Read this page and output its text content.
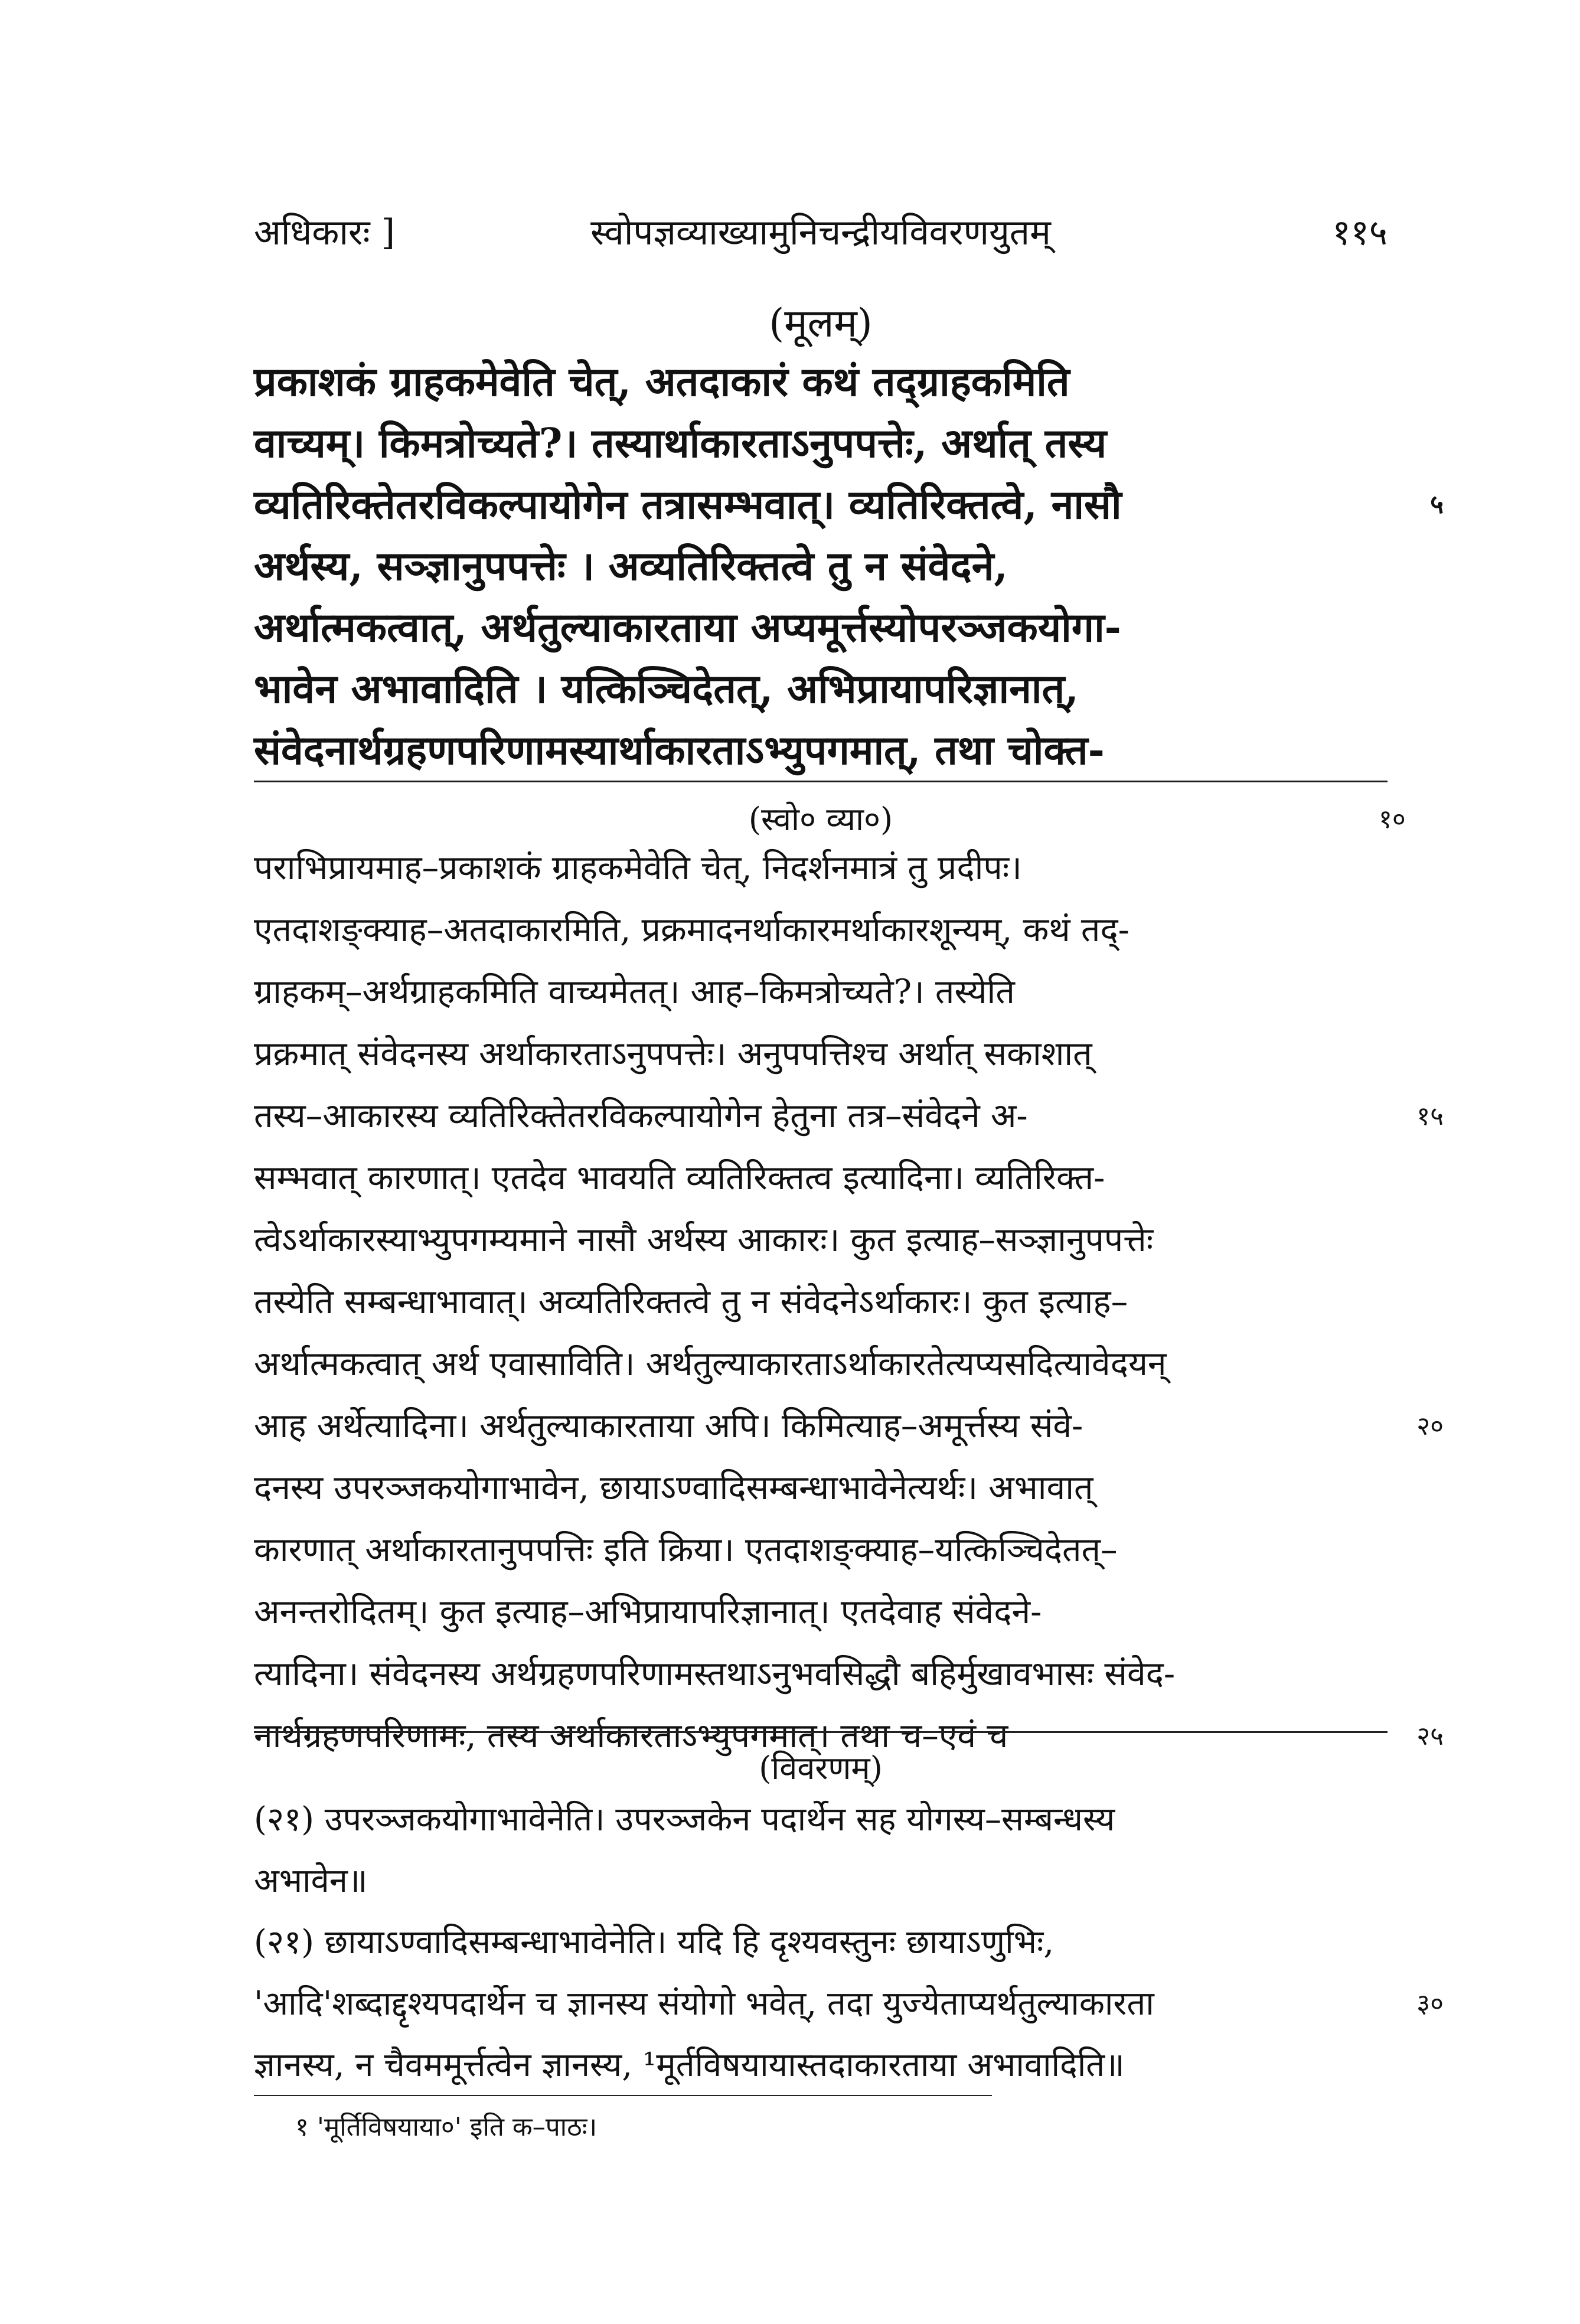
अधिकारः ]	स्वोपज्ञव्याख्यामुनिचन्द्रीयविवरणयुतम्	११५
(मूलम्)
प्रकाशकं ग्राहकमेवेति चेत्, अतदाकारं कथं तद्ग्राहकमिति
वाच्यम्। किमत्रोच्यते?। तस्यार्थाकारताऽनुपपत्तेः, अर्थात् तस्य
व्यतिरिक्तेतरविकल्पायोगेन तत्रासम्भवात्। व्यतिरिक्तत्वे, नासौ	५
अर्थस्य, सञ्ज्ञानुपपत्तेः । अव्यतिरिक्तत्वे तु न संवेदने,
अर्थात्मकत्वात्, अर्थतुल्याकारताया अप्यमूर्त्तस्योपरञ्जकयोगा-
भावेन अभावादिति । यत्किञ्चिदेतत्, अभिप्रायापरिज्ञानात्,
संवेदनार्थग्रहणपरिणामस्यार्थाकारताऽभ्युपगमात्, तथा चोक्त-
(स्वो० व्या०)	१०
पराभिप्रायमाह–प्रकाशकं ग्राहकमेवेति चेत्, निदर्शनमात्रं तु प्रदीपः।
एतदाशङ्क्याह–अतदाकारमिति, प्रक्रमादनर्थाकारमर्थाकारशून्यम्, कथं तद्-
ग्राहकम्–अर्थग्राहकमिति वाच्यमेतत्। आह–किमत्रोच्यते?। तस्येति
प्रक्रमात् संवेदनस्य अर्थाकारताऽनुपपत्तेः। अनुपपत्तिश्च अर्थात् सकाशात्
तस्य–आकारस्य व्यतिरिक्तेतरविकल्पायोगेन हेतुना तत्र–संवेदने अ-	१५
सम्भवात् कारणात्। एतदेव भावयति व्यतिरिक्तत्व इत्यादिना। व्यतिरिक्त-
त्वेऽर्थाकारस्याभ्युपगम्यमाने नासौ अर्थस्य आकारः। कुत इत्याह–सञ्ज्ञानुपपत्तेः
तस्येति सम्बन्धाभावात्। अव्यतिरिक्तत्वे तु न संवेदनेऽर्थाकारः। कुत इत्याह–
अर्थात्मकत्वात् अर्थ एवासाविति। अर्थतुल्याकारताऽर्थाकारतेत्यप्यसदित्यावेदयन्
आह अर्थेत्यादिना। अर्थतुल्याकारताया अपि। किमित्याह–अमूर्त्तस्य संवे-	२०
दनस्य उपरञ्जकयोगाभावेन, छायाऽण्वादिसम्बन्धाभावेनेत्यर्थः। अभावात्
कारणात् अर्थाकारतानुपपत्तिः इति क्रिया। एतदाशङ्क्याह–यत्किञ्चिदेतत्–
अनन्तरोदितम्। कुत इत्याह–अभिप्रायापरिज्ञानात्। एतदेवाह संवेदने-
त्यादिना। संवेदनस्य अर्थग्रहणपरिणामस्तथाऽनुभवसिद्धौ बहिर्मुखावभासः संवेद-
नार्थग्रहणपरिणामः, तस्य अर्थाकारताऽभ्युपगमात्। तथा च–एवं च	२५
(विवरणम्)
(२१) उपरञ्जकयोगाभावेनेति। उपरञ्जकेन पदार्थेन सह योगस्य–सम्बन्धस्य
अभावेन॥
(२१) छायाऽण्वादिसम्बन्धाभावेनेति। यदि हि दृश्यवस्तुनः छायाऽणुभिः,
'आदि'शब्दाद्दृश्यपदार्थेन च ज्ञानस्य संयोगो भवेत्, तदा युज्येताप्यर्थतुल्याकारता	३०
ज्ञानस्य, न चैवममूर्त्तत्वेन ज्ञानस्य, ¹मूर्तविषयायास्तदाकारताया अभावादिति॥
१ 'मूर्तिविषयाया०' इति क–पाठः।
